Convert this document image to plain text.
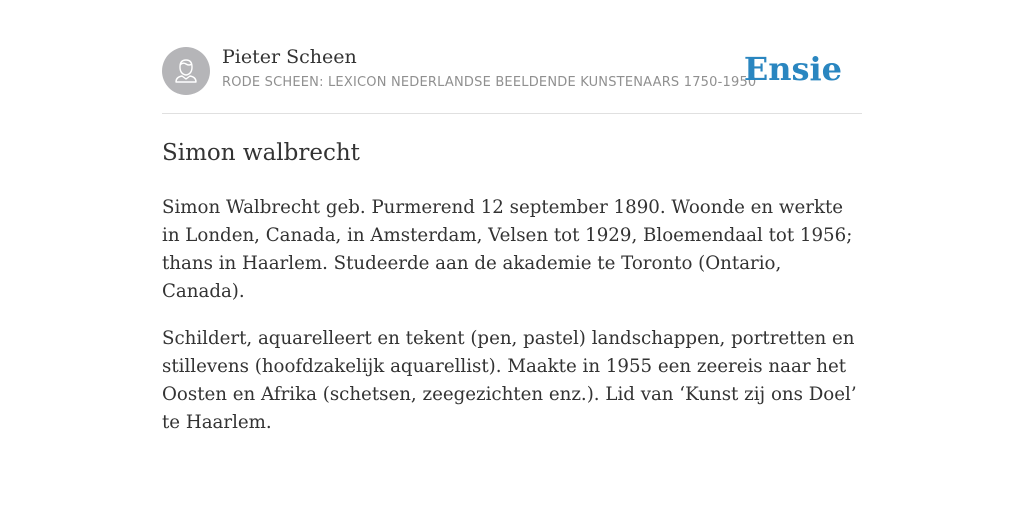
Pieter Scheen
RODE SCHEEN: LEXICON NEDERLANDSE BEELDENDE KUNSTENAARS 1750-1950
Ensie
Simon walbrecht

Simon Walbrecht geb. Purmerend 12 september 1890. Woonde en werkte in Londen, Canada, in Amsterdam, Velsen tot 1929, Bloemendaal tot 1956; thans in Haarlem. Studeerde aan de akademie te Toronto (Ontario, Canada).

Schildert, aquarelleert en tekent (pen, pastel) landschappen, portretten en stillevens (hoofdzakelijk aquarellist). Maakte in 1955 een zeereis naar het Oosten en Afrika (schetsen, zeegezichten enz.). Lid van ‘Kunst zij ons Doel’ te Haarlem.
